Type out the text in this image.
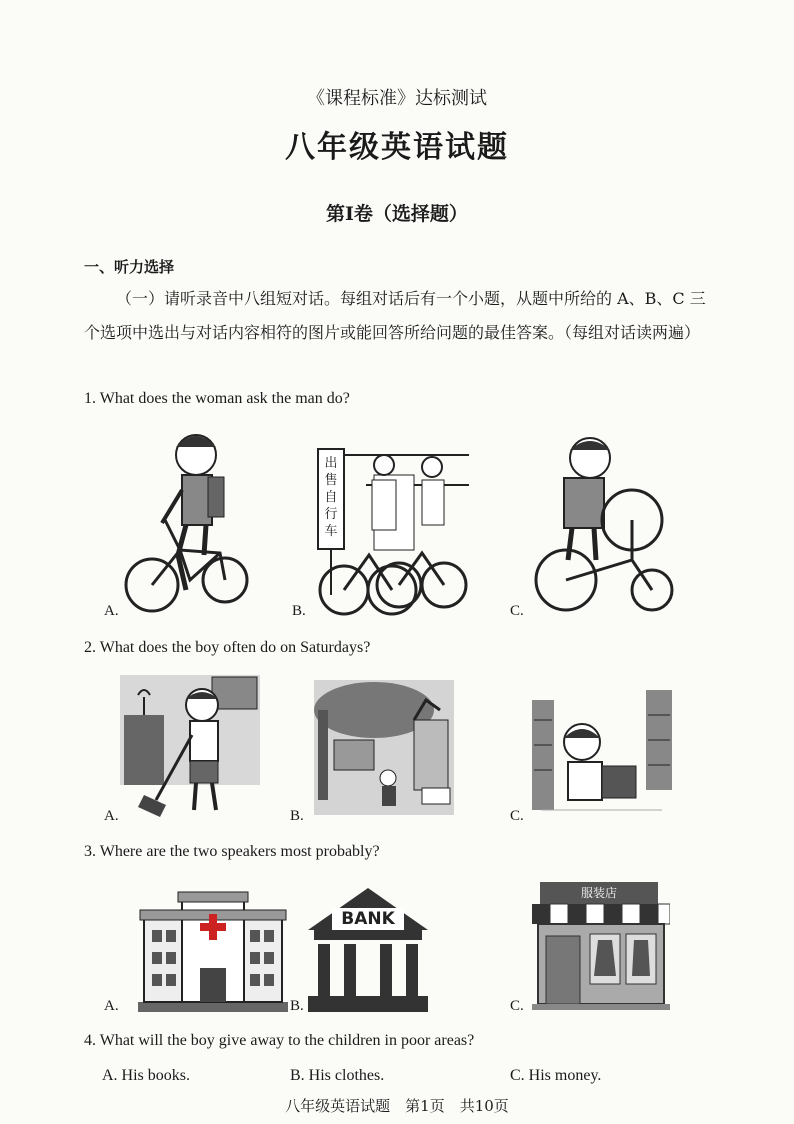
《课程标准》达标测试
八年级英语试题
第Ⅰ卷（选择题）
一、听力选择
（一）请听录音中八组短对话。每组对话后有一个小题，从题中所给的 A、B、C 三个选项中选出与对话内容相符的图片或能回答所给问题的最佳答案。（每组对话读两遍）
1. What does the woman ask the man do?
A.
出售自行车
B.	C.
2. What does the boy often do on Saturdays?
A.	B.	C.
3. Where are the two speakers most probably?
A.
BANK
B.
服装店
C.
4. What will the boy give away to the children in poor areas?
A. His books.	B. His clothes.	C. His money.
八年级英语试题　第1页　共10页
